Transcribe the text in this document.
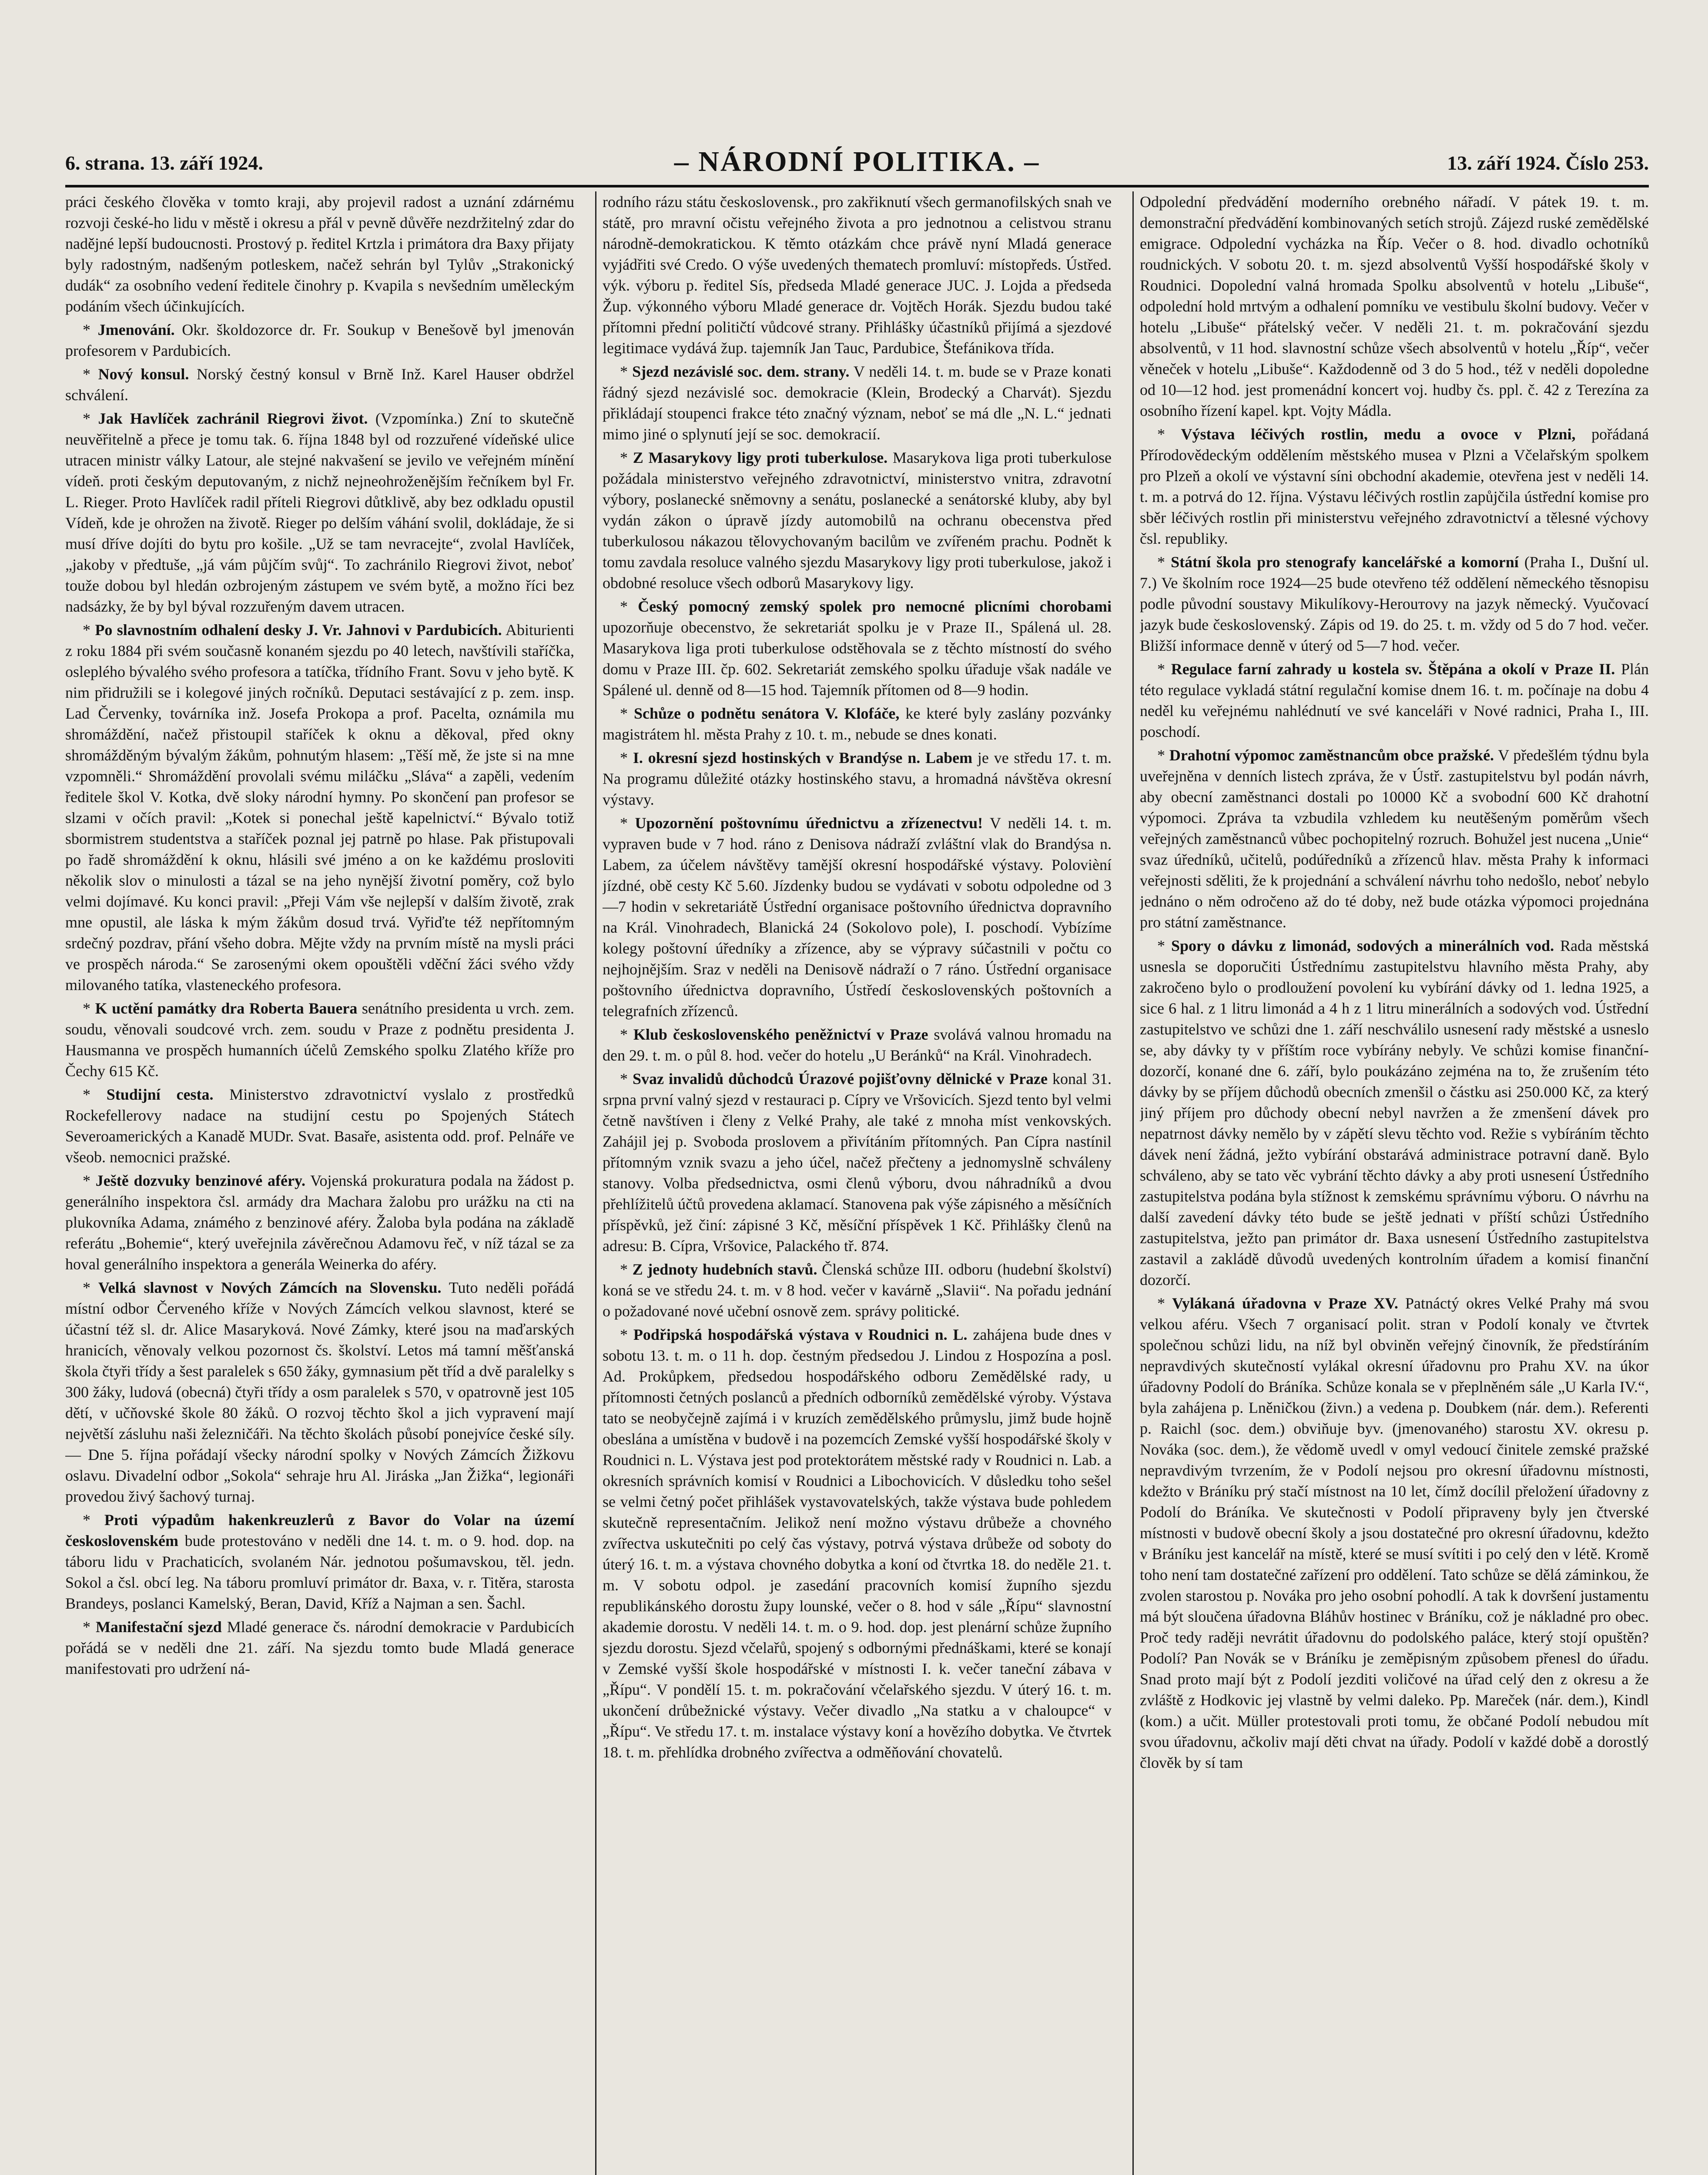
6. strana. 13. září 1924.	– NÁRODNÍ POLITIKA. –	13. září 1924. Číslo 253.

práci českého člověka v tomto kraji, aby projevil radost a uznání zdárnému rozvoji české-ho lidu v městě i okresu a přál v pevně důvěře nezdržitelný zdar do nadějné lepší budoucnosti. Prostový p. ředitel Krtzla i primátora dra Baxy přijaty byly radostným, nadšeným potleskem, načež sehrán byl Tylův „Strakonický dudák“ za osobního vedení ředitele činohry p. Kvapila s nevšedním uměleckým podáním všech účinkujících.

* Jmenování. Okr. školdozorce dr. Fr. Soukup v Benešově byl jmenován profesorem v Pardubicích.

* Nový konsul. Norský čestný konsul v Brně Inž. Karel Hauser obdržel schválení.

* Jak Havlíček zachránil Riegrovi život. (Vzpomínka.) Zní to skutečně neuvěřitelně a přece je tomu tak. 6. října 1848 byl od rozzuřené vídeňské ulice utracen ministr války Latour, ale stejné nakvašení se jevilo ve veřejném mínění vídeň. proti českým deputovaným, z nichž nejneohroženějším řečníkem byl Fr. L. Rieger. Proto Havlíček radil příteli Riegrovi důtklivě, aby bez odkladu opustil Vídeň, kde je ohrožen na životě. Rieger po delším váhání svolil, dokládaje, že si musí dříve dojíti do bytu pro košile. „Už se tam nevracejte“, zvolal Havlíček, „jakoby v předtuše, „já vám půjčím svůj“. To zachránilo Riegrovi život, neboť touže dobou byl hledán ozbrojeným zástupem ve svém bytě, a možno říci bez nadsázky, že by byl býval rozzuřeným davem utracen.

* Po slavnostním odhalení desky J. Vr. Jahnovi v Pardubicích. Abiturienti z roku 1884 při svém současně konaném sjezdu po 40 letech, navštívili staříčka, osleplého bývalého svého profesora a tatíčka, třídního Frant. Sovu v jeho bytě. K nim přidružili se i kolegové jiných ročníků. Deputaci sestávající z p. zem. insp. Lad Červenky, továrníka inž. Josefa Prokopa a prof. Pacelta, oznámila mu shromáždění, načež přistoupil staříček k oknu a děkoval, před okny shromážděným bývalým žákům, pohnutým hlasem: „Těší mě, že jste si na mne vzpomněli.“ Shromáždění provolali svému miláčku „Sláva“ a zapěli, vedením ředitele škol V. Kotka, dvě sloky národní hymny. Po skončení pan profesor se slzami v očích pravil: „Kotek si ponechal ještě kapelnictví.“ Bývalo totiž sbormistrem studentstva a staříček poznal jej patrně po hlase. Pak přistupovali po řadě shromáždění k oknu, hlásili své jméno a on ke každému prosloviti několik slov o minulosti a tázal se na jeho nynější životní poměry, což bylo velmi dojímavé. Ku konci pravil: „Přeji Vám vše nejlepší v dalším životě, zrak mne opustil, ale láska k mým žákům dosud trvá. Vyřiďte též nepřítomným srdečný pozdrav, přání všeho dobra. Mějte vždy na prvním místě na mysli práci ve prospěch národa.“ Se zarosenými okem opouštěli vděční žáci svého vždy milovaného tatíka, vlasteneckého profesora.

* K uctění památky dra Roberta Bauera senátního presidenta u vrch. zem. soudu, věnovali soudcové vrch. zem. soudu v Praze z podnětu presidenta J. Hausmanna ve prospěch humanních účelů Zemského spolku Zlatého kříže pro Čechy 615 Kč.

* Studijní cesta. Ministerstvo zdravotnictví vyslalo z prostředků Rockefellerovy nadace na studijní cestu po Spojených Státech Severoamerických a Kanadě MUDr. Svat. Basaře, asistenta odd. prof. Pelnáře ve všeob. nemocnici pražské.

* Ještě dozvuky benzinové aféry. Vojenská prokuratura podala na žádost p. generálního inspektora čsl. armády dra Machara žalobu pro urážku na cti na plukovníka Adama, známého z benzinové aféry. Žaloba byla podána na základě referátu „Bohemie“, který uveřejnila závěrečnou Adamovu řeč, v níž tázal se za hoval generálního inspektora a generála Weinerka do aféry.

* Velká slavnost v Nových Zámcích na Slovensku. Tuto neděli pořádá místní odbor Červeného kříže v Nových Zámcích velkou slavnost, které se účastní též sl. dr. Alice Masaryková. Nové Zámky, které jsou na maďarských hranicích, věnovaly velkou pozornost čs. školství. Letos má tamní měšťanská škola čtyři třídy a šest paralelek s 650 žáky, gymnasium pět tříd a dvě paralelky s 300 žáky, ludová (obecná) čtyři třídy a osm paralelek s 570, v opatrovně jest 105 dětí, v učňovské škole 80 žáků. O rozvoj těchto škol a jich vypravení mají největší zásluhu naši železničáři. Na těchto školách působí ponejvíce české síly. — Dne 5. října pořádají všecky národní spolky v Nových Zámcích Žižkovu oslavu. Divadelní odbor „Sokola“ sehraje hru Al. Jiráska „Jan Žižka“, legionáři provedou živý šachový turnaj.

* Proti výpadům hakenkreuzlerů z Bavor do Volar na území československém bude protestováno v neděli dne 14. t. m. o 9. hod. dop. na táboru lidu v Prachaticích, svolaném Nár. jednotou pošumavskou, těl. jedn. Sokol a čsl. obcí leg. Na táboru promluví primátor dr. Baxa, v. r. Titěra, starosta Brandeys, poslanci Kamelský, Beran, David, Kříž a Najman a sen. Šachl.

* Manifestační sjezd Mladé generace čs. národní demokracie v Pardubicích pořádá se v neděli dne 21. září. Na sjezdu tomto bude Mladá generace manifestovati pro udržení ná-

rodního rázu státu československ., pro zakřiknutí všech germanofilských snah ve státě, pro mravní očistu veřejného života a pro jednotnou a celistvou stranu národně-demokratickou. K těmto otázkám chce právě nyní Mladá generace vyjádřiti své Credo. O výše uvedených thematech promluví: místopředs. Ústřed. výk. výboru p. ředitel Sís, předseda Mladé generace JUC. J. Lojda a předseda Žup. výkonného výboru Mladé generace dr. Vojtěch Horák. Sjezdu budou také přítomni přední političtí vůdcové strany. Přihlášky účastníků přijímá a sjezdové legitimace vydává žup. tajemník Jan Tauc, Pardubice, Štefánikova třída.

* Sjezd nezávislé soc. dem. strany. V neděli 14. t. m. bude se v Praze konati řádný sjezd nezávislé soc. demokracie (Klein, Brodecký a Charvát). Sjezdu přikládají stoupenci frakce této značný význam, neboť se má dle „N. L.“ jednati mimo jiné o splynutí její se soc. demokracií.

* Z Masarykovy ligy proti tuberkulose. Masarykova liga proti tuberkulose požádala ministerstvo veřejného zdravotnictví, ministerstvo vnitra, zdravotní výbory, poslanecké sněmovny a senátu, poslanecké a senátorské kluby, aby byl vydán zákon o úpravě jízdy automobilů na ochranu obecenstva před tuberkulosou nákazou tělovychovaným bacilům ve zvířeném prachu. Podnět k tomu zavdala resoluce valného sjezdu Masarykovy ligy proti tuberkulose, jakož i obdobné resoluce všech odborů Masarykovy ligy.

* Český pomocný zemský spolek pro nemocné plicními chorobami upozorňuje obecenstvo, že sekretariát spolku je v Praze II., Spálená ul. 28. Masarykova liga proti tuberkulose odstěhovala se z těchto místností do svého domu v Praze III. čp. 602. Sekretariát zemského spolku úřaduje však nadále ve Spálené ul. denně od 8—15 hod. Tajemník přítomen od 8—9 hodin.

* Schůze o podnětu senátora V. Klofáče, ke které byly zaslány pozvánky magistrátem hl. města Prahy z 10. t. m., nebude se dnes konati.

* I. okresní sjezd hostinských v Brandýse n. Labem je ve středu 17. t. m. Na programu důležité otázky hostinského stavu, a hromadná návštěva okresní výstavy.

* Upozornění poštovnímu úřednictvu a zřízenectvu! V neděli 14. t. m. vypraven bude v 7 hod. ráno z Denisova nádraží zvláštní vlak do Brandýsa n. Labem, za účelem návštěvy tamější okresní hospodářské výstavy. Polovièní jízdné, obě cesty Kč 5.60. Jízdenky budou se vydávati v sobotu odpoledne od 3—7 hodin v sekretariátě Ústřední organisace poštovního úřednictva dopravního na Král. Vinohradech, Blanická 24 (Sokolovo pole), I. poschodí. Vybízíme kolegy poštovní úředníky a zřízence, aby se výpravy súčastnili v počtu co nejhojnějším. Sraz v neděli na Denisově nádraží o 7 ráno. Ústřední organisace poštovního úřednictva dopravního, Ústředí československých poštovních a telegrafních zřízenců.

* Klub československého peněžnictví v Praze svolává valnou hromadu na den 29. t. m. o půl 8. hod. večer do hotelu „U Beránků“ na Král. Vinohradech.

* Svaz invalidů důchodců Úrazové pojišťovny dělnické v Praze konal 31. srpna první valný sjezd v restauraci p. Cípry ve Vršovicích. Sjezd tento byl velmi četně navštíven i členy z Velké Prahy, ale také z mnoha míst venkovských. Zahájil jej p. Svoboda proslovem a přivítáním přítomných. Pan Cípra nastínil přítomným vznik svazu a jeho účel, načež přečteny a jednomyslně schváleny stanovy. Volba předsednictva, osmi členů výboru, dvou náhradníků a dvou přehlížitelů účtů provedena aklamací. Stanovena pak výše zápisného a měsíčních příspěvků, jež činí: zápisné 3 Kč, měsíční příspěvek 1 Kč. Přihlášky členů na adresu: B. Cípra, Vršovice, Palackého tř. 874.

* Z jednoty hudebních stavů. Členská schůze III. odboru (hudební školství) koná se ve středu 24. t. m. v 8 hod. večer v kavárně „Slavii“. Na pořadu jednání o požadované nové učební osnově zem. správy politické.

* Podřipská hospodářská výstava v Roudnici n. L. zahájena bude dnes v sobotu 13. t. m. o 11 h. dop. čestným předsedou J. Lindou z Hospozína a posl. Ad. Prokůpkem, předsedou hospodářského odboru Zemědělské rady, u přítomnosti četných poslanců a předních odborníků zemědělské výroby. Výstava tato se neobyčejně zajímá i v kruzích zemědělského průmyslu, jimž bude hojně obeslána a umístěna v budově i na pozemcích Zemské vyšší hospodářské školy v Roudnici n. L. Výstava jest pod protektorátem městské rady v Roudnici n. Lab. a okresních správních komisí v Roudnici a Libochovicích. V důsledku toho sešel se velmi četný počet přihlášek vystavovatelských, takže výstava bude pohledem skutečně representačním. Jelikož není možno výstavu drůbeže a chovného zvířectva uskutečniti po celý čas výstavy, potrvá výstava drůbeže od soboty do úterý 16. t. m. a výstava chovného dobytka a koní od čtvrtka 18. do neděle 21. t. m. V sobotu odpol. je zasedání pracovních komisí župního sjezdu republikánského dorostu župy lounské, večer o 8. hod v sále „Řípu“ slavnostní akademie dorostu. V neděli 14. t. m. o 9. hod. dop. jest plenární schůze župního sjezdu dorostu. Sjezd včelařů, spojený s odbornými přednáškami, které se konají v Zemské vyšší škole hospodářské v místnosti I. k. večer taneční zábava v „Řípu“. V pondělí 15. t. m. pokračování včelařského sjezdu. V úterý 16. t. m. ukončení drůbežnické výstavy. Večer divadlo „Na statku a v chaloupce“ v „Řípu“. Ve středu 17. t. m. instalace výstavy koní a hovězího dobytka. Ve čtvrtek 18. t. m. přehlídka drobného zvířectva a odměňování chovatelů.

Odpolední předvádění moderního orebného nářadí. V pátek 19. t. m. demonstrační předvádění kombinovaných setích strojů. Zájezd ruské zemědělské emigrace. Odpolední vycházka na Říp. Večer o 8. hod. divadlo ochotníků roudnických. V sobotu 20. t. m. sjezd absolventů Vyšší hospodářské školy v Roudnici. Dopolední valná hromada Spolku absolventů v hotelu „Libuše“, odpolední hold mrtvým a odhalení pomníku ve vestibulu školní budovy. Večer v hotelu „Libuše“ přátelský večer. V neděli 21. t. m. pokračování sjezdu absolventů, v 11 hod. slavnostní schůze všech absolventů v hotelu „Říp“, večer věneček v hotelu „Libuše“. Každodenně od 3 do 5 hod., též v neděli dopoledne od 10—12 hod. jest promenádní koncert voj. hudby čs. ppl. č. 42 z Terezína za osobního řízení kapel. kpt. Vojty Mádla.

* Výstava léčivých rostlin, medu a ovoce v Plzni, pořádaná Přírodovědeckým oddělením městského musea v Plzni a Včelařským spolkem pro Plzeň a okolí ve výstavní síni obchodní akademie, otevřena jest v neděli 14. t. m. a potrvá do 12. října. Výstavu léčivých rostlin zapůjčila ústřední komise pro sběr léčivých rostlin při ministerstvu veřejného zdravotnictví a tělesné výchovy čsl. republiky.

* Státní škola pro stenografy kancelářské a komorní (Praha I., Dušní ul. 7.) Ve školním roce 1924—25 bude otevřeno též oddělení německého těsnopisu podle původní soustavy Mikulíkovy-Herouтovy na jazyk německý. Vyučovací jazyk bude československý. Zápis od 19. do 25. t. m. vždy od 5 do 7 hod. večer. Bližší informace denně v úterý od 5—7 hod. večer.

* Regulace farní zahrady u kostela sv. Štěpána a okolí v Praze II. Plán této regulace vykladá státní regulační komise dnem 16. t. m. počínaje na dobu 4 neděl ku veřejnému nahlédnutí ve své kanceláři v Nové radnici, Praha I., III. poschodí.

* Drahotní výpomoc zaměstnancům obce pražské. V předešlém týdnu byla uveřejněna v denních listech zpráva, že v Ústř. zastupitelstvu byl podán návrh, aby obecní zaměstnanci dostali po 10000 Kč a svobodní 600 Kč drahotní výpomoci. Zpráva ta vzbudila vzhledem ku neutěšeným poměrům všech veřejných zaměstnanců vůbec pochopitelný rozruch. Bohužel jest nucena „Unie“ svaz úředníků, učitelů, podúředníků a zřízenců hlav. města Prahy k informaci veřejnosti sděliti, že k projednání a schválení návrhu toho nedošlo, neboť nebylo jednáno o něm odročeno až do té doby, než bude otázka výpomoci projednána pro státní zaměstnance.

* Spory o dávku z limonád, sodových a minerálních vod. Rada městská usnesla se doporučiti Ústřednímu zastupitelstvu hlavního města Prahy, aby zakročeno bylo o prodloužení povolení ku vybírání dávky od 1. ledna 1925, a sice 6 hal. z 1 litru limonád a 4 h z 1 litru minerálních a sodových vod. Ústřední zastupitelstvo ve schůzi dne 1. září neschválilo usnesení rady městské a usneslo se, aby dávky ty v příštím roce vybírány nebyly. Ve schůzi komise finanční-dozorčí, konané dne 6. září, bylo poukázáno zejména na to, že zrušením této dávky by se příjem důchodů obecních zmenšil o částku asi 250.000 Kč, za který jiný příjem pro důchody obecní nebyl navržen a že zmenšení dávek pro nepatrnost dávky nemělo by v zápětí slevu těchto vod. Režie s vybíráním těchto dávek není žádná, ježto vybírání obstarává administrace potravní daně. Bylo schváleno, aby se tato věc vybrání těchto dávky a aby proti usnesení Ústředního zastupitelstva podána byla stížnost k zemskému správnímu výboru. O návrhu na další zavedení dávky této bude se ještě jednati v příští schůzi Ústředního zastupitelstva, ježto pan primátor dr. Baxa usnesení Ústředního zastupitelstva zastavil a zakládě důvodů uvedených kontrolním úřadem a komisí finanční dozorčí.

* Vylákaná úřadovna v Praze XV. Patnáctý okres Velké Prahy má svou velkou aféru. Všech 7 organisací polit. stran v Podolí konaly ve čtvrtek společnou schůzi lidu, na níž byl obviněn veřejný činovník, že předstíráním nepravdivých skutečností vylákal okresní úřadovnu pro Prahu XV. na úkor úřadovny Podolí do Bráníka. Schůze konala se v přeplněném sále „U Karla IV.“, byla zahájena p. Lněničkou (živn.) a vedena p. Doubkem (nár. dem.). Referenti p. Raichl (soc. dem.) obviňuje byv. (jmenovaného) starostu XV. okresu p. Nováka (soc. dem.), že vědomě uvedl v omyl vedoucí činitele zemské pražské nepravdivým tvrzením, že v Podolí nejsou pro okresní úřadovnu místnosti, kdežto v Bráníku prý stačí místnost na 10 let, čímž docílil přeložení úřadovny z Podolí do Bráníka. Ve skutečnosti v Podolí připraveny byly jen čtverské místnosti v budově obecní školy a jsou dostatečné pro okresní úřadovnu, kdežto v Bráníku jest kancelář na místě, které se musí svítiti i po celý den v létě. Kromě toho není tam dostatečné zařízení pro oddělení. Tato schůze se dělá záminkou, že zvolen starostou p. Nováka pro jeho osobní pohodlí. A tak k dovršení justamentu má být sloučena úřadovna Bláhův hostinec v Bráníku, což je nákladné pro obec. Proč tedy raději nevrátit úřadovnu do podolského paláce, který stojí opuštěn? Podolí? Pan Novák se v Bráníku je zeměpisným způsobem přenesl do úřadu. Snad proto mají být z Podolí jezditi voličové na úřad celý den z okresu a že zvláště z Hodkovic jej vlastně by velmi daleko. Pp. Mareček (nár. dem.), Kindl (kom.) a učit. Müller protestovali proti tomu, že občané Podolí nebudou mít svou úřadovnu, ačkoliv mají děti chvat na úřady. Podolí v každé době a dorostlý člověk by sí tam
